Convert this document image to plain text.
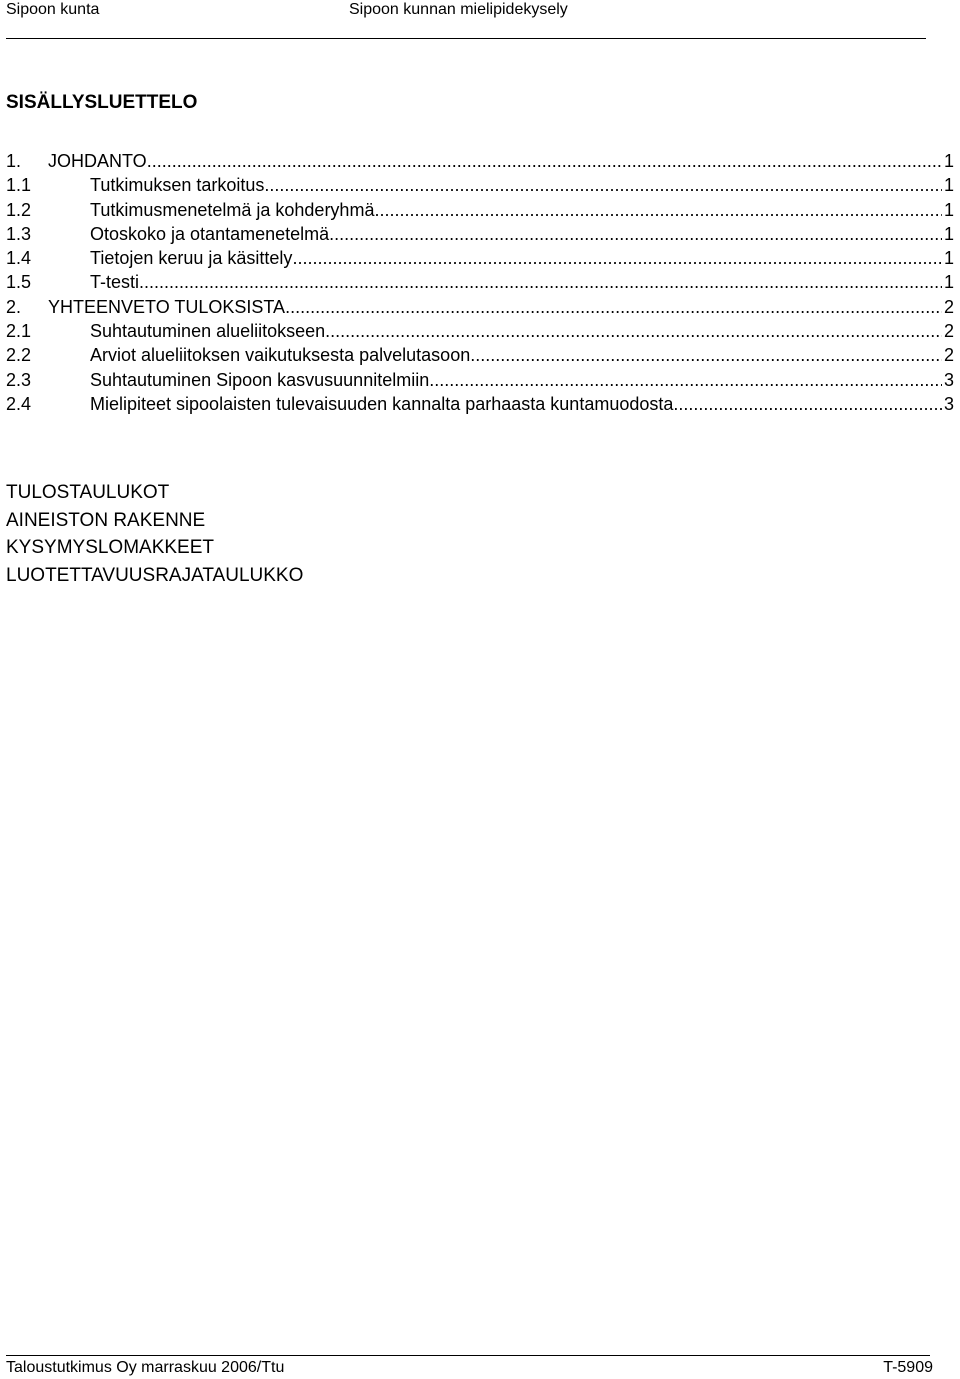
Sipoon kunta	Sipoon kunnan mielipidekysely
SISÄLLYSLUETTELO
1.	JOHDANTO .....	1
1.1	Tutkimuksen tarkoitus .....	1
1.2	Tutkimusmenetelmä ja kohderyhmä .....	1
1.3	Otoskoko ja otantamenetelmä .....	1
1.4	Tietojen keruu ja käsittely .....	1
1.5	T-testi .....	1
2.	YHTEENVETO TULOKSISTA .....	2
2.1	Suhtautuminen alueliitokseen .....	2
2.2	Arviot alueliitoksen vaikutuksesta palvelutasoon .....	2
2.3	Suhtautuminen Sipoon kasvusuunnitelmiin .....	3
2.4	Mielipiteet sipoolaisten tulevaisuuden kannalta parhaasta kuntamuodosta .....	3
TULOSTAULUKOT
AINEISTON RAKENNE
KYSYMYSLOMAKKEET
LUOTETTAVUUSRAJATAULUKKO
Taloustutkimus Oy marraskuu 2006/Ttu	T-5909
